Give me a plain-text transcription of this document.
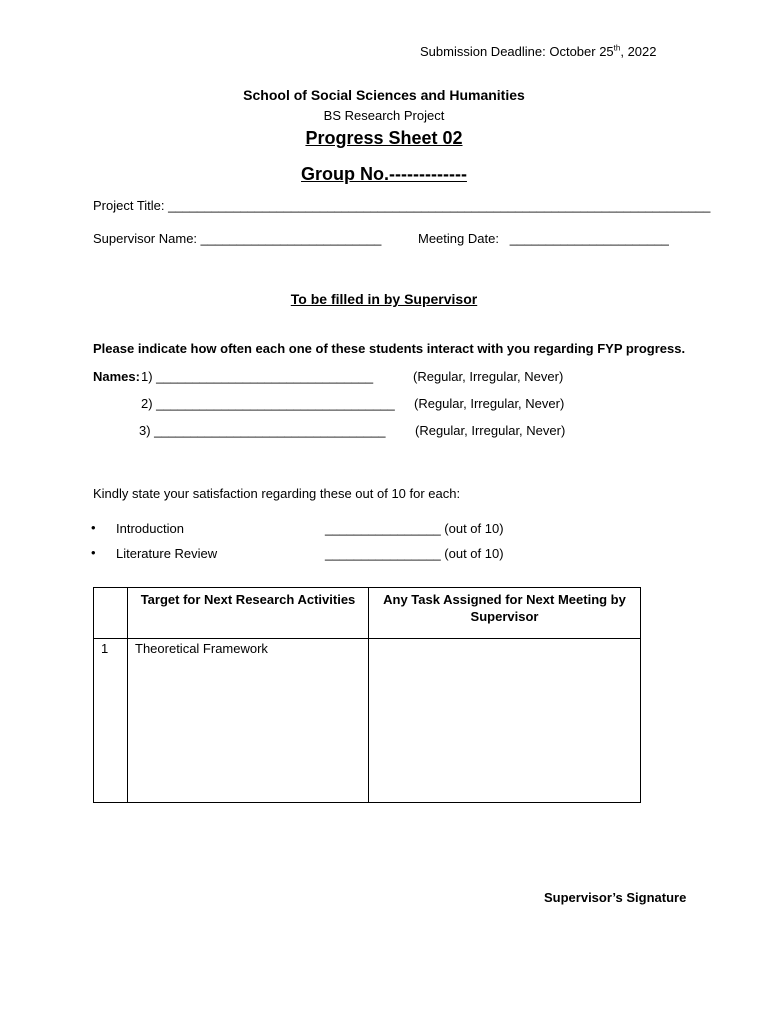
Submission Deadline: October 25th, 2022
School of Social Sciences and Humanities
BS Research Project
Progress Sheet 02
Group No.-------------
Project Title: ___________________________________________________________________________
Supervisor Name: _________________________	Meeting Date:   ______________________
To be filled in by Supervisor
Please indicate how often each one of these students interact with you regarding FYP progress.
Names: 1) ______________________________	(Regular, Irregular, Never)
2) _________________________________ (Regular, Irregular, Never)
3) ________________________________ (Regular, Irregular, Never)
Kindly state your satisfaction regarding these out of 10 for each:
• Introduction	________________ (out of 10)
• Literature Review	________________ (out of 10)

	Target for Next Research Activities	Any Task Assigned for Next Meeting by Supervisor

1	Theoretical Framework	

Supervisor’s Signature
